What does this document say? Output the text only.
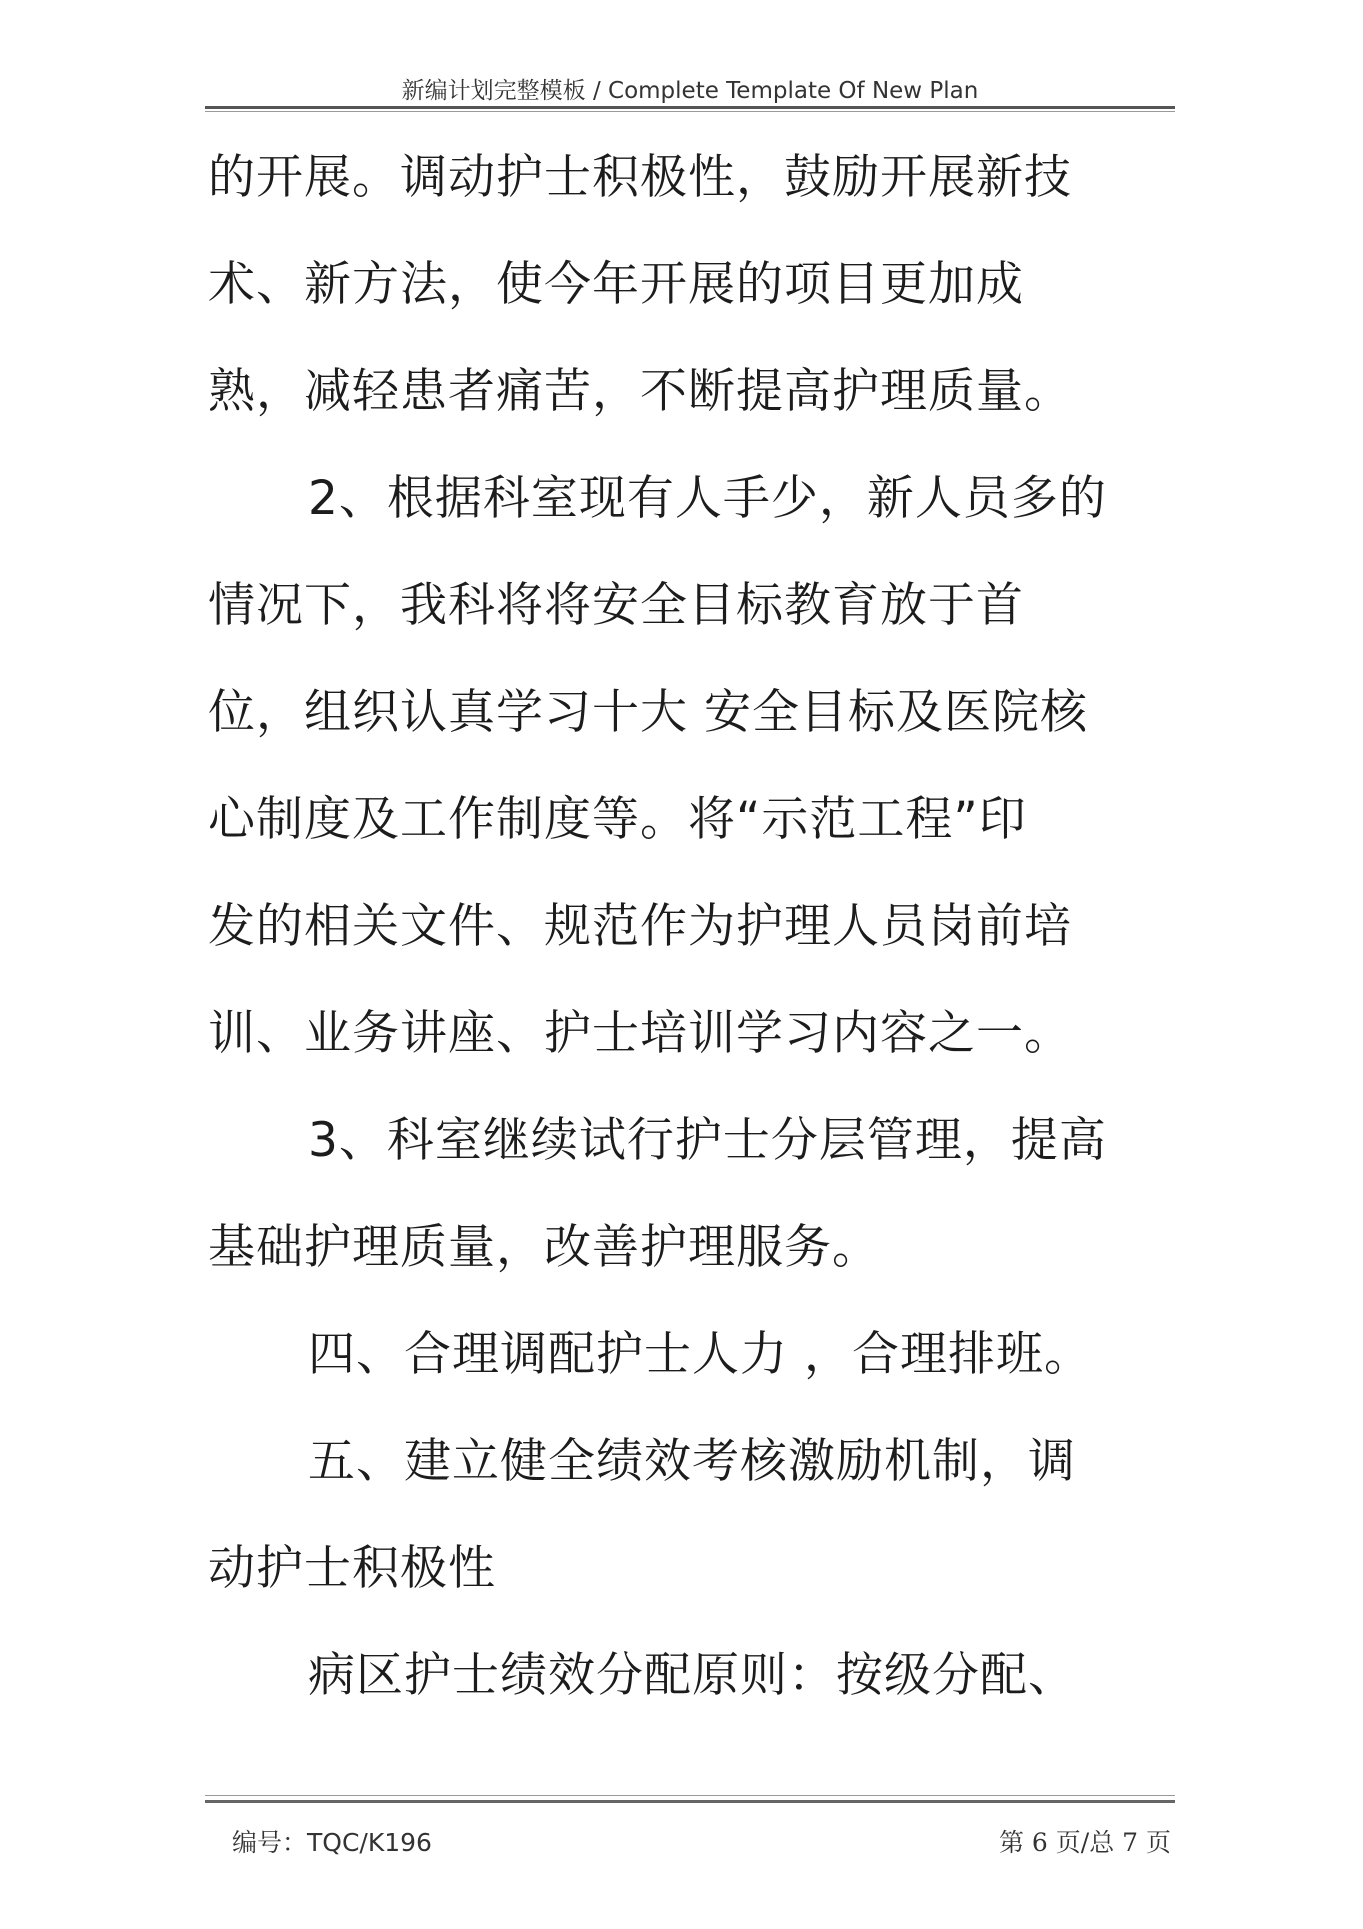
新编计划完整模板 / Complete Template Of New Plan
的开展。调动护士积极性，鼓励开展新技
术、新方法，使今年开展的项目更加成
熟，减轻患者痛苦，不断提高护理质量。
2、根据科室现有人手少，新人员多的
情况下，我科将将安全目标教育放于首
位，组织认真学习十大 安全目标及医院核
心制度及工作制度等。将“示范工程”印
发的相关文件、规范作为护理人员岗前培
训、业务讲座、护士培训学习内容之一。
3、科室继续试行护士分层管理，提高
基础护理质量，改善护理服务。
四、合理调配护士人力 ，合理排班。
五、建立健全绩效考核激励机制，调
动护士积极性
病区护士绩效分配原则：按级分配、
编号：TQC/K196	第 6 页/总 7 页
